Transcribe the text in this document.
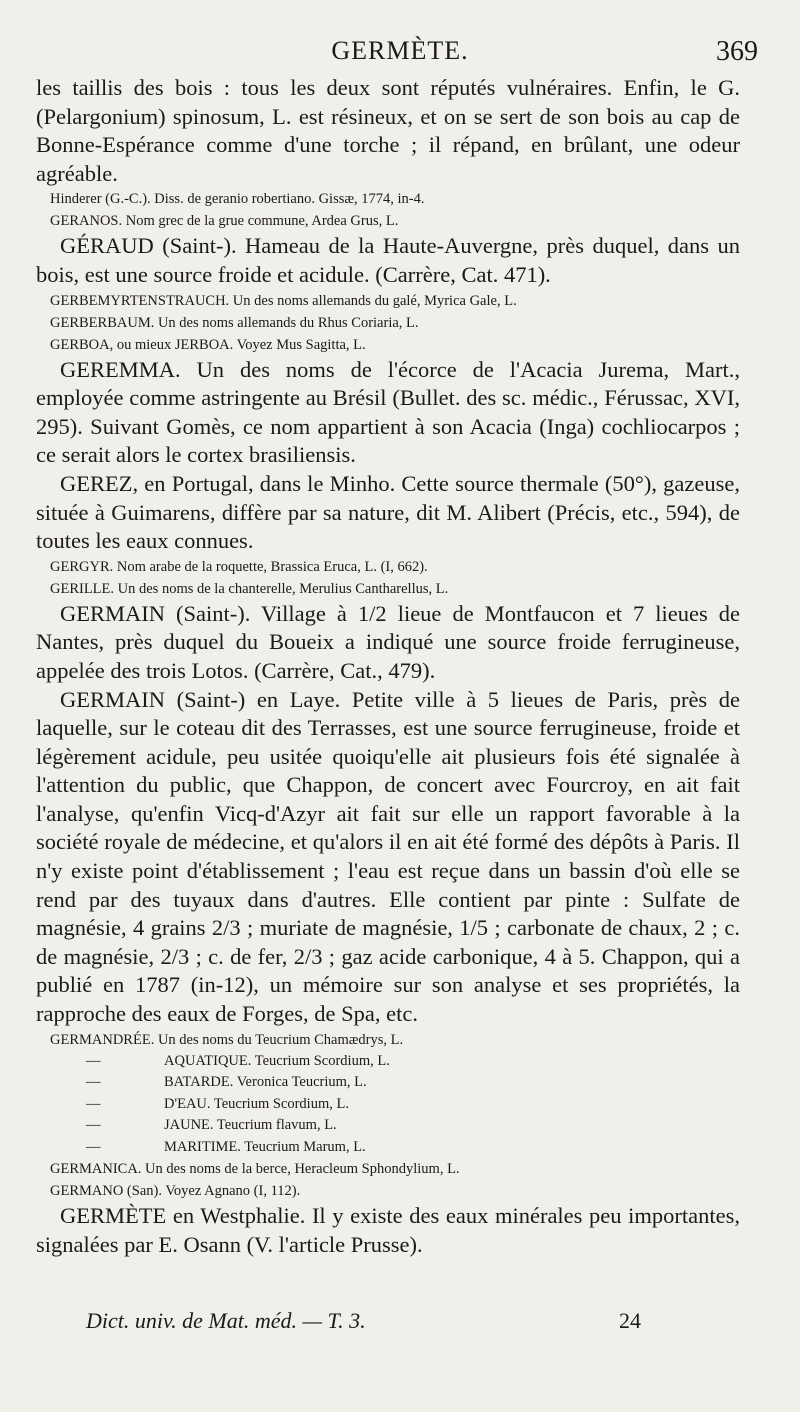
GERMÈTE.	369

les taillis des bois : tous les deux sont réputés vulnéraires. Enfin, le G. (Pelargonium) spinosum, L. est résineux, et on se sert de son bois au cap de Bonne-Espérance comme d'une torche ; il répand, en brûlant, une odeur agréable.

Hinderer (G.-C.). Diss. de geranio robertiano. Gissæ, 1774, in-4.

GERANOS. Nom grec de la grue commune, Ardea Grus, L.

GÉRAUD (Saint-). Hameau de la Haute-Auvergne, près duquel, dans un bois, est une source froide et acidule. (Carrère, Cat. 471).

GERBEMYRTENSTRAUCH. Un des noms allemands du galé, Myrica Gale, L.

GERBERBAUM. Un des noms allemands du Rhus Coriaria, L.

GERBOA, ou mieux JERBOA. Voyez Mus Sagitta, L.

GEREMMA. Un des noms de l'écorce de l'Acacia Jurema, Mart., employée comme astringente au Brésil (Bullet. des sc. médic., Férussac, XVI, 295). Suivant Gomès, ce nom appartient à son Acacia (Inga) cochliocarpos ; ce serait alors le cortex brasiliensis.

GEREZ, en Portugal, dans le Minho. Cette source thermale (50°), gazeuse, située à Guimarens, diffère par sa nature, dit M. Alibert (Précis, etc., 594), de toutes les eaux connues.

GERGYR. Nom arabe de la roquette, Brassica Eruca, L. (I, 662).

GERILLE. Un des noms de la chanterelle, Merulius Cantharellus, L.

GERMAIN (Saint-). Village à 1/2 lieue de Montfaucon et 7 lieues de Nantes, près duquel du Boueix a indiqué une source froide ferrugineuse, appelée des trois Lotos. (Carrère, Cat., 479).

GERMAIN (Saint-) en Laye. Petite ville à 5 lieues de Paris, près de laquelle, sur le coteau dit des Terrasses, est une source ferrugineuse, froide et légèrement acidule, peu usitée quoiqu'elle ait plusieurs fois été signalée à l'attention du public, que Chappon, de concert avec Fourcroy, en ait fait l'analyse, qu'enfin Vicq-d'Azyr ait fait sur elle un rapport favorable à la société royale de médecine, et qu'alors il en ait été formé des dépôts à Paris. Il n'y existe point d'établissement ; l'eau est reçue dans un bassin d'où elle se rend par des tuyaux dans d'autres. Elle contient par pinte : Sulfate de magnésie, 4 grains 2/3 ; muriate de magnésie, 1/5 ; carbonate de chaux, 2 ; c. de magnésie, 2/3 ; c. de fer, 2/3 ; gaz acide carbonique, 4 à 5. Chappon, qui a publié en 1787 (in-12), un mémoire sur son analyse et ses propriétés, la rapproche des eaux de Forges, de Spa, etc.

GERMANDRÉE. Un des noms du Teucrium Chamædrys, L.

—	AQUATIQUE. Teucrium Scordium, L.
—	BATARDE. Veronica Teucrium, L.
—	D'EAU. Teucrium Scordium, L.
—	JAUNE. Teucrium flavum, L.
—	MARITIME. Teucrium Marum, L.

GERMANICA. Un des noms de la berce, Heracleum Sphondylium, L.

GERMANO (San). Voyez Agnano (I, 112).

GERMÈTE en Westphalie. Il y existe des eaux minérales peu importantes, signalées par E. Osann (V. l'article Prusse).

Dict. univ. de Mat. méd. — T. 3.	24
